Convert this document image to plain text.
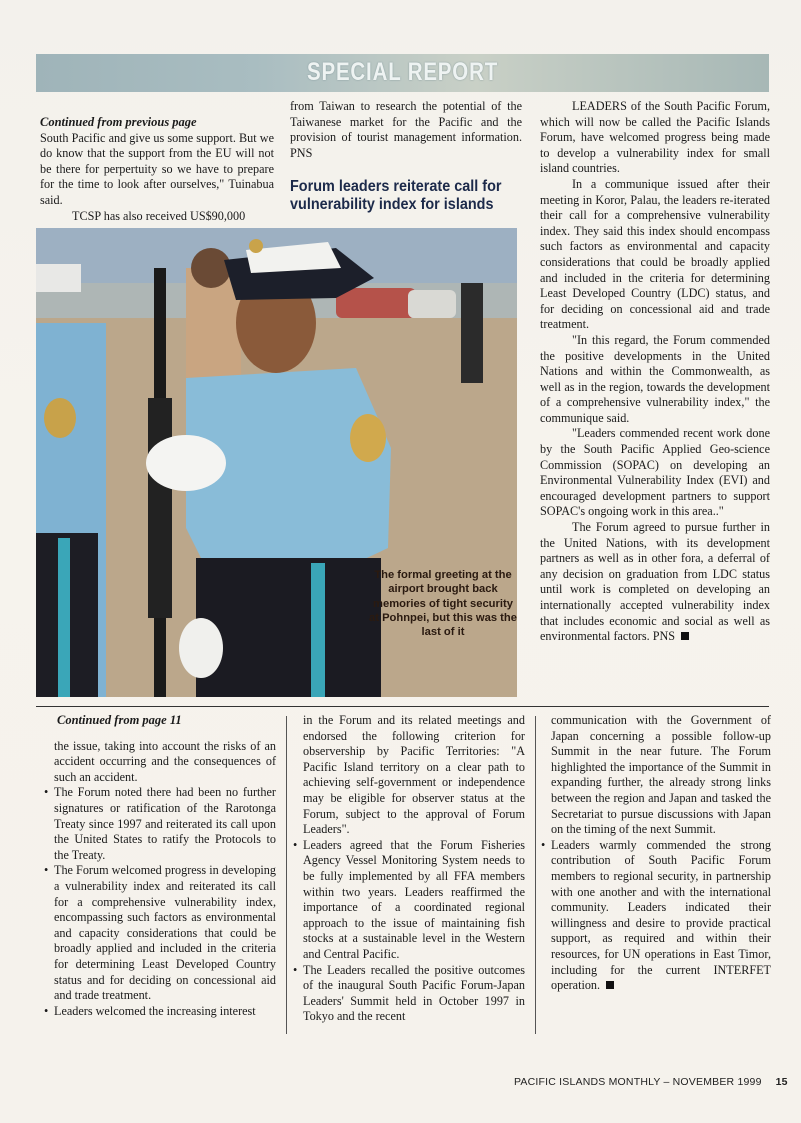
SPECIAL REPORT

Continued from previous page

South Pacific and give us some support. But we do know that the support from the EU will not be there for perpertuity so we have to prepare for the time to look after ourselves," Tuinabua said.

TCSP has also received US$90,000

from Taiwan to research the potential of the Taiwanese market for the Pacific and the provision of tourist management information. PNS

Forum leaders reiterate call for vulnerability index for islands

LEADERS of the South Pacific Forum, which will now be called the Pacific Islands Forum, have welcomed progress being made to develop a vulnerability index for small island countries.

In a communique issued after their meeting in Koror, Palau, the leaders re-iterated their call for a comprehensive vulnerability index. They said this index should encompass such factors as environmental and capacity considerations that could be broadly applied and included in the criteria for determining Least Developed Country (LDC) status, and for deciding on concessional aid and trade treatment.

"In this regard, the Forum commended the positive developments in the United Nations and within the Commonwealth, as well as in the region, towards the development of a comprehensive vulnerability index," the communique said.

"Leaders commended recent work done by the South Pacific Applied Geo-science Commission (SOPAC) on developing an Environmental Vulnerability Index (EVI) and encouraged development partners to support SOPAC's ongoing work in this area.."

The Forum agreed to pursue further in the United Nations, with its development partners as well as in other fora, a deferral of any decision on graduation from LDC status until work is completed on developing an internationally accepted vulnerability index that includes economic and social as well as environmental factors. PNS

The formal greeting at the airport brought back memories of tight security at Pohnpei, but this was the last of it

Continued from page 11

the issue, taking into account the risks of an accident occurring and the consequences of such an accident.

• The Forum noted there had been no further signatures or ratification of the Rarotonga Treaty since 1997 and reiterated its call upon the United States to ratify the Protocols to the Treaty.
• The Forum welcomed progress in developing a vulnerability index and reiterated its call for a comprehensive vulnerability index, encompassing such factors as environmental and capacity considerations that could be broadly applied and included in the criteria for determining Least Developed Country status and for deciding on concessional aid and trade treatment.
• Leaders welcomed the increasing interest

in the Forum and its related meetings and endorsed the following criterion for observership by Pacific Territories: "A Pacific Island territory on a clear path to achieving self-government or independence may be eligible for observer status at the Forum, subject to the approval of Forum Leaders".

• Leaders agreed that the Forum Fisheries Agency Vessel Monitoring System needs to be fully implemented by all FFA members within two years. Leaders reaffirmed the importance of a coordinated regional approach to the issue of maintaining fish stocks at a sustainable level in the Western and Central Pacific.
• The Leaders recalled the positive outcomes of the inaugural South Pacific Forum-Japan Leaders' Summit held in October 1997 in Tokyo and the recent

communication with the Government of Japan concerning a possible follow-up Summit in the near future. The Forum highlighted the importance of the Summit in expanding further, the already strong links between the region and Japan and tasked the Secretariat to pursue discussions with Japan on the timing of the next Summit.

• Leaders warmly commended the strong contribution of South Pacific Forum members to regional security, in partnership with one another and with the international community. Leaders indicated their willingness and desire to provide practical support, as required and within their resources, for UN operations in East Timor, including for the current INTERFET operation.
PACIFIC ISLANDS MONTHLY – NOVEMBER 1999 15
